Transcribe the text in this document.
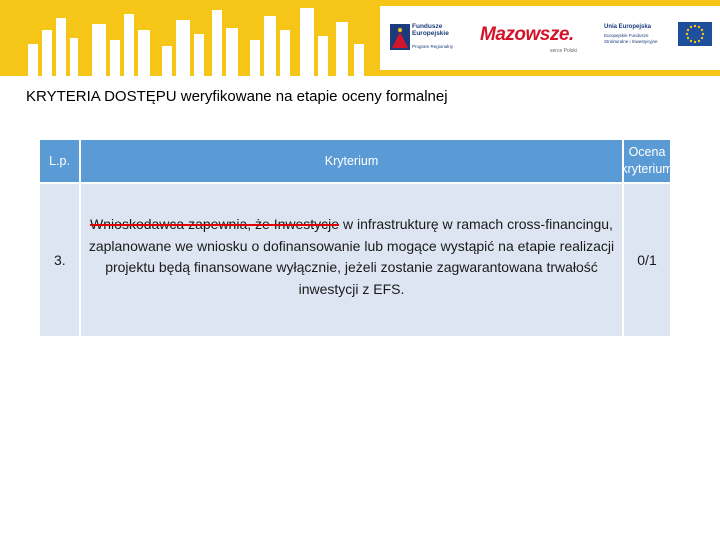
Fundusze
Europejskie
Program Regionalny
Mazowsze.
serce Polski
Unia Europejska
Europejskie Fundusze
Strukturalne i Inwestycyjne
KRYTERIA DOSTĘPU weryfikowane na etapie oceny formalnej
L.p.	Kryterium
Ocena
kryterium
3.
Wnioskodawca zapewnia, że Inwestycje w infrastrukturę w ramach cross-financingu, zaplanowane we wniosku o dofinansowanie lub mogące wystąpić na etapie realizacji projektu będą finansowane wyłącznie, jeżeli zostanie zagwarantowana trwałość inwestycji z EFS.
0/1
